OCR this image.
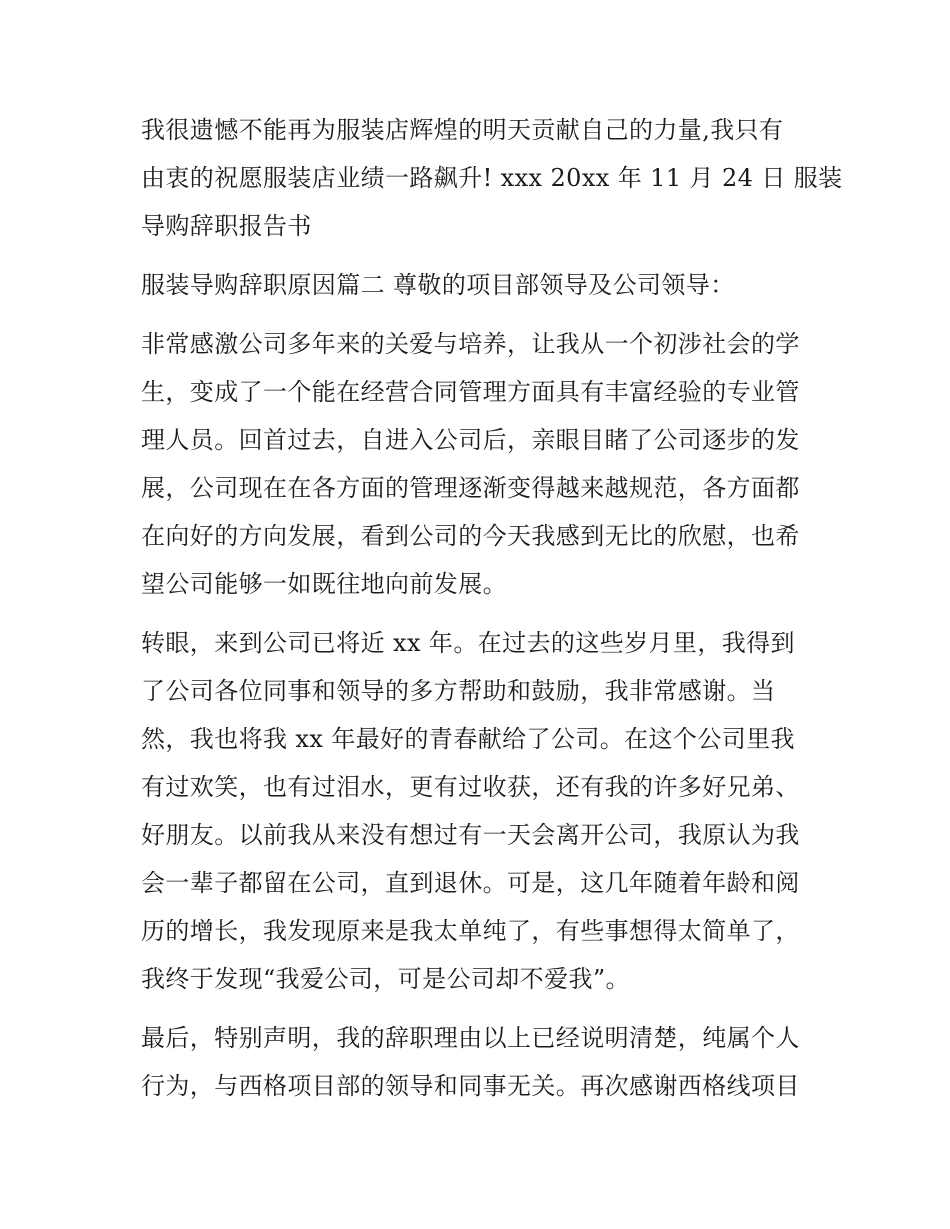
我很遗憾不能再为服装店辉煌的明天贡献自己的力量,我只有
由衷的祝愿服装店业绩一路飙升! xxx 20xx 年 11 月 24 日 服装
导购辞职报告书
服装导购辞职原因篇二 尊敬的项目部领导及公司领导：
非常感激公司多年来的关爱与培养，让我从一个初涉社会的学
生，变成了一个能在经营合同管理方面具有丰富经验的专业管
理人员。回首过去，自进入公司后，亲眼目睹了公司逐步的发
展，公司现在在各方面的管理逐渐变得越来越规范，各方面都
在向好的方向发展，看到公司的今天我感到无比的欣慰，也希
望公司能够一如既往地向前发展。
转眼，来到公司已将近 xx 年。在过去的这些岁月里，我得到
了公司各位同事和领导的多方帮助和鼓励，我非常感谢。当
然，我也将我 xx 年最好的青春献给了公司。在这个公司里我
有过欢笑，也有过泪水，更有过收获，还有我的许多好兄弟、
好朋友。以前我从来没有想过有一天会离开公司，我原认为我
会一辈子都留在公司，直到退休。可是，这几年随着年龄和阅
历的增长，我发现原来是我太单纯了，有些事想得太简单了，
我终于发现“我爱公司，可是公司却不爱我”。
最后，特别声明，我的辞职理由以上已经说明清楚，纯属个人
行为，与西格项目部的领导和同事无关。再次感谢西格线项目
